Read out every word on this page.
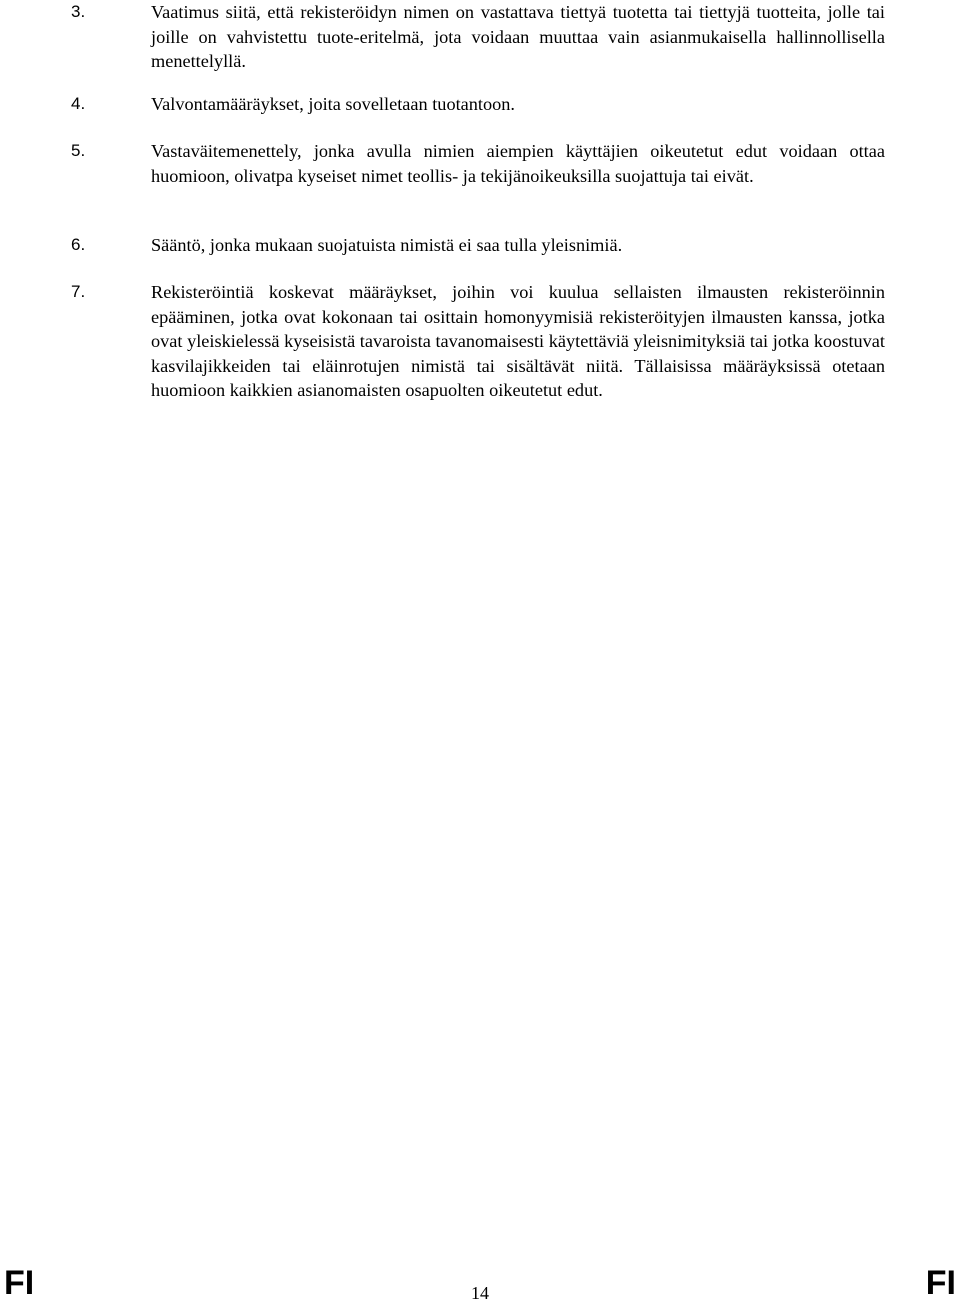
3.	Vaatimus siitä, että rekisteröidyn nimen on vastattava tiettyä tuotetta tai tiettyjä tuotteita, jolle tai joille on vahvistettu tuote-eritelmä, jota voidaan muuttaa vain asianmukaisella hallinnollisella menettelyllä.

4.	Valvontamääräykset, joita sovelletaan tuotantoon.

5.	Vastaväitemenettely, jonka avulla nimien aiempien käyttäjien oikeutetut edut voidaan ottaa huomioon, olivatpa kyseiset nimet teollis- ja tekijänoikeuksilla suojattuja tai eivät.

6.	Sääntö, jonka mukaan suojatuista nimistä ei saa tulla yleisnimiä.

7.	Rekisteröintiä koskevat määräykset, joihin voi kuulua sellaisten ilmausten rekisteröinnin epääminen, jotka ovat kokonaan tai osittain homonyymisiä rekisteröityjen ilmausten kanssa, jotka ovat yleiskielessä kyseisistä tavaroista tavanomaisesti käytettäviä yleisnimityksiä tai jotka koostuvat kasvilajikkeiden tai eläinrotujen nimistä tai sisältävät niitä. Tällaisissa määräyksissä otetaan huomioon kaikkien asianomaisten osapuolten oikeutetut edut.

FI	14	FI
